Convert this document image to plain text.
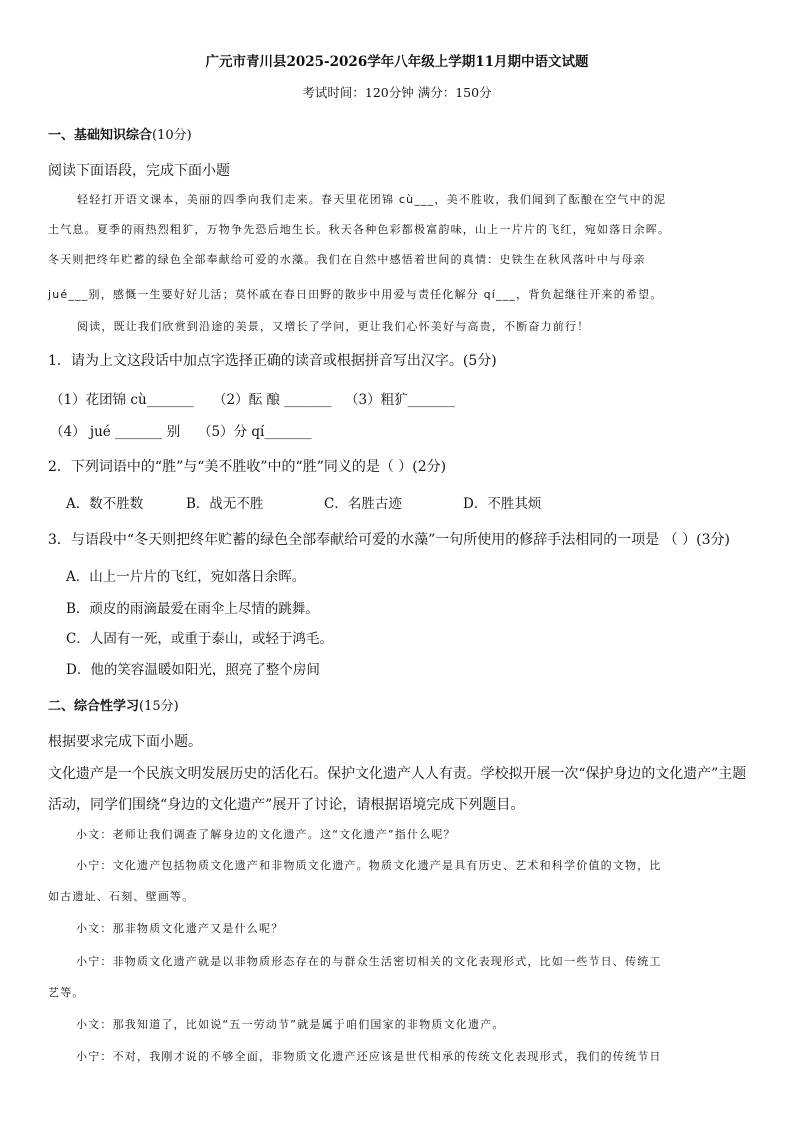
广元市青川县2025-2026学年八年级上学期11月期中语文试题
考试时间：120分钟 满分：150分
一、基础知识综合(10分)
阅读下面语段，完成下面小题
轻轻打开语文课本，美丽的四季向我们走来。春天里花团锦 cù___，美不胜收，我们闻到了酝酿在空气中的泥
土气息。夏季的雨热烈粗犷，万物争先恐后地生长。秋天各种色彩都极富韵味，山上一片片的飞红，宛如落日余晖。
冬天则把终年贮蓄的绿色全部奉献给可爱的水藻。我们在自然中感悟着世间的真情：史铁生在秋风落叶中与母亲
jué___别，感慨一生要好好儿活；莫怀戚在春日田野的散步中用爱与责任化解分 qí___，背负起继往开来的希望。
阅读，既让我们欣赏到沿途的美景，又增长了学问，更让我们心怀美好与高贵，不断奋力前行！
1．请为上文这段话中加点字选择正确的读音或根据拼音写出汉字。(5分)
（1）花团锦 cù_______ （2）酝 酿 _______ （3）粗犷_______
（4） jué _______ 别 （5）分 qí_______
2．下列词语中的“胜”与“美不胜收”中的“胜”同义的是（ ）(2分)
A．数不胜数	B．战无不胜	C．名胜古迹	D．不胜其烦
3．与语段中“冬天则把终年贮蓄的绿色全部奉献给可爱的水藻”一句所使用的修辞手法相同的一项是 （ ）(3分)
A．山上一片片的飞红，宛如落日余晖。
B．顽皮的雨滴最爱在雨伞上尽情的跳舞。
C．人固有一死，或重于泰山，或轻于鸿毛。
D．他的笑容温暖如阳光，照亮了整个房间
二、综合性学习(15分)
根据要求完成下面小题。
文化遗产是一个民族文明发展历史的活化石。保护文化遗产人人有责。学校拟开展一次“保护身边的文化遗产”主题
活动，同学们围绕“身边的文化遗产”展开了讨论，请根据语境完成下列题目。
小文：老师让我们调查了解身边的文化遗产。这“文化遗产”指什么呢？
小宁：文化遗产包括物质文化遗产和非物质文化遗产。物质文化遗产是具有历史、艺术和科学价值的文物，比
如古遗址、石刻、壁画等。
小文：那非物质文化遗产又是什么呢？
小宁：非物质文化遗产就是以非物质形态存在的与群众生活密切相关的文化表现形式，比如一些节日、传统工
艺等。
小文：那我知道了，比如说“五一劳动节”就是属于咱们国家的非物质文化遗产。
小宁：不对，我刚才说的不够全面，非物质文化遗产还应该是世代相承的传统文化表现形式，我们的传统节日
